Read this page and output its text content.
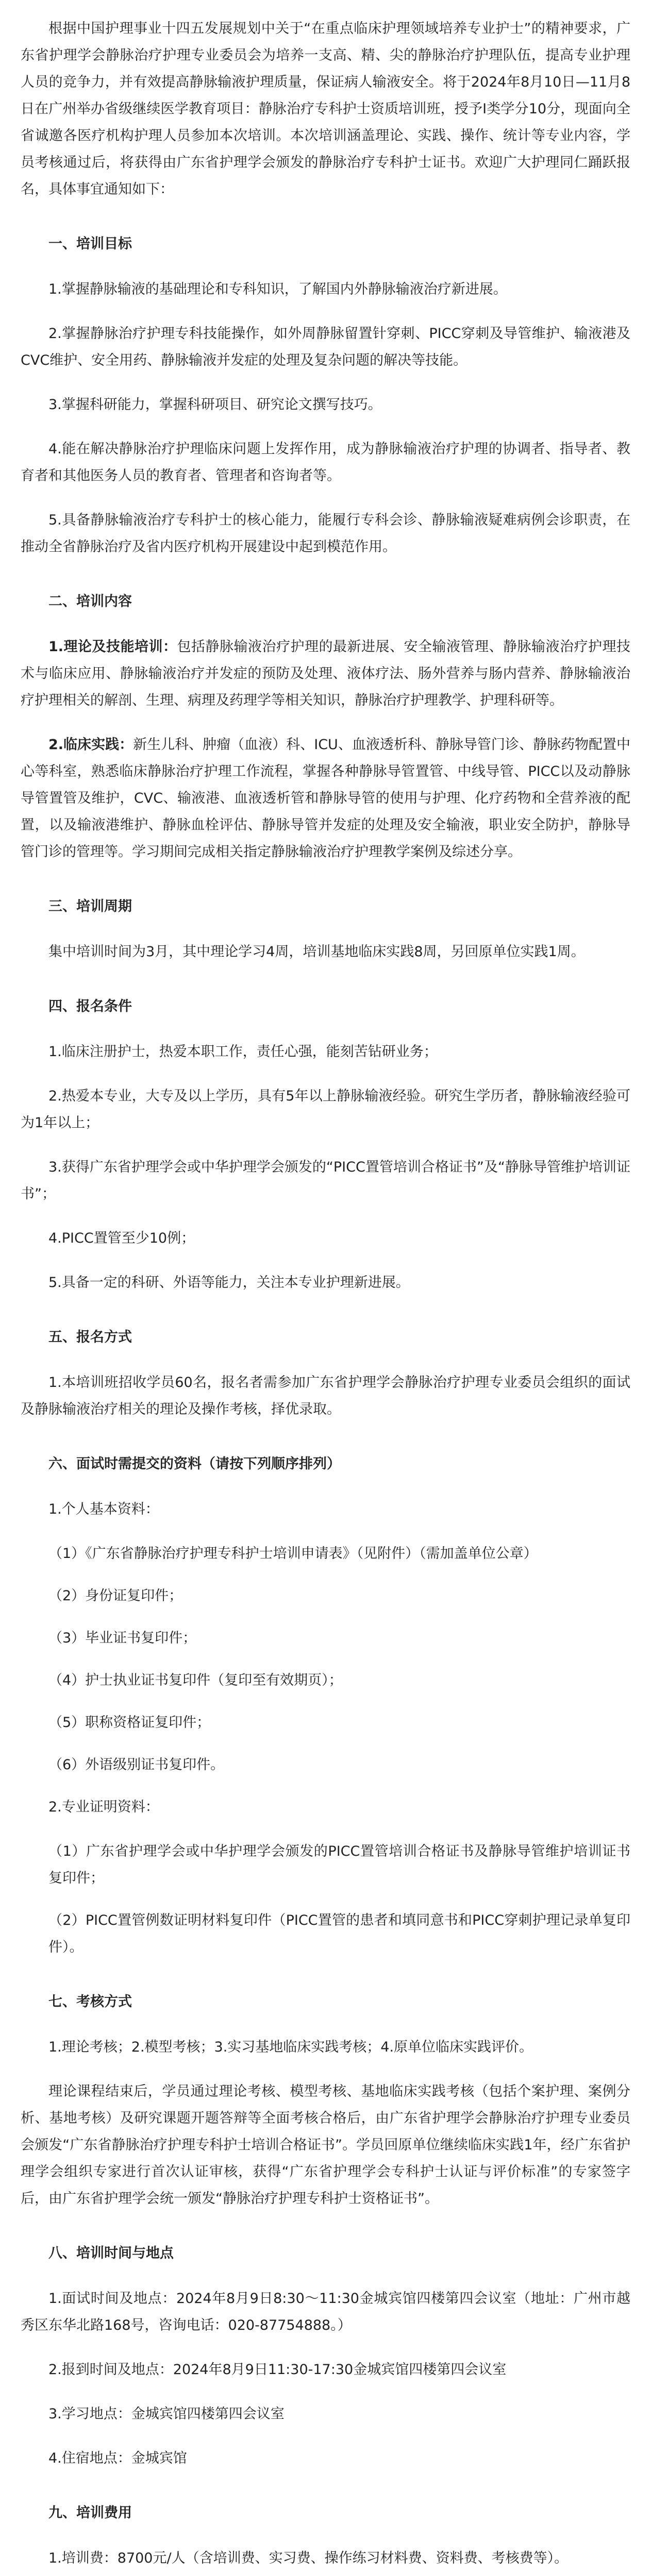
根据中国护理事业十四五发展规划中关于“在重点临床护理领域培养专业护士”的精神要求，广东省护理学会静脉治疗护理专业委员会为培养一支高、精、尖的静脉治疗护理队伍，提高专业护理人员的竞争力，并有效提高静脉输液护理质量，保证病人输液安全。将于2024年8月10日—11月8日在广州举办省级继续医学教育项目：静脉治疗专科护士资质培训班，授予I类学分10分，现面向全省诚邀各医疗机构护理人员参加本次培训。本次培训涵盖理论、实践、操作、统计等专业内容，学员考核通过后，将获得由广东省护理学会颁发的静脉治疗专科护士证书。欢迎广大护理同仁踊跃报名，具体事宜通知如下：

一、培训目标

1.掌握静脉输液的基础理论和专科知识，了解国内外静脉输液治疗新进展。

2.掌握静脉治疗护理专科技能操作，如外周静脉留置针穿刺、PICC穿刺及导管维护、输液港及CVC维护、安全用药、静脉输液并发症的处理及复杂问题的解决等技能。

3.掌握科研能力，掌握科研项目、研究论文撰写技巧。

4.能在解决静脉治疗护理临床问题上发挥作用，成为静脉输液治疗护理的协调者、指导者、教育者和其他医务人员的教育者、管理者和咨询者等。

5.具备静脉输液治疗专科护士的核心能力，能履行专科会诊、静脉输液疑难病例会诊职责，在推动全省静脉治疗及省内医疗机构开展建设中起到模范作用。

二、培训内容

1.理论及技能培训：包括静脉输液治疗护理的最新进展、安全输液管理、静脉输液治疗护理技术与临床应用、静脉输液治疗并发症的预防及处理、液体疗法、肠外营养与肠内营养、静脉输液治疗护理相关的解剖、生理、病理及药理学等相关知识，静脉治疗护理教学、护理科研等。

2.临床实践：新生儿科、肿瘤（血液）科、ICU、血液透析科、静脉导管门诊、静脉药物配置中心等科室，熟悉临床静脉治疗护理工作流程，掌握各种静脉导管置管、中线导管、PICC以及动静脉导管置管及维护，CVC、输液港、血液透析管和静脉导管的使用与护理、化疗药物和全营养液的配置，以及输液港维护、静脉血栓评估、静脉导管并发症的处理及安全输液，职业安全防护，静脉导管门诊的管理等。学习期间完成相关指定静脉输液治疗护理教学案例及综述分享。

三、培训周期

集中培训时间为3月，其中理论学习4周，培训基地临床实践8周，另回原单位实践1周。

四、报名条件

1.临床注册护士，热爱本职工作，责任心强，能刻苦钻研业务；

2.热爱本专业，大专及以上学历，具有5年以上静脉输液经验。研究生学历者，静脉输液经验可为1年以上；

3.获得广东省护理学会或中华护理学会颁发的“PICC置管培训合格证书”及“静脉导管维护培训证书”；

4.PICC置管至少10例；

5.具备一定的科研、外语等能力，关注本专业护理新进展。

五、报名方式

1.本培训班招收学员60名，报名者需参加广东省护理学会静脉治疗护理专业委员会组织的面试及静脉输液治疗相关的理论及操作考核，择优录取。

六、面试时需提交的资料（请按下列顺序排列）

1.个人基本资料：

（1）《广东省静脉治疗护理专科护士培训申请表》（见附件）（需加盖单位公章）

（2）身份证复印件；

（3）毕业证书复印件；

（4）护士执业证书复印件（复印至有效期页）；

（5）职称资格证复印件；

（6）外语级别证书复印件。

2.专业证明资料：

（1）广东省护理学会或中华护理学会颁发的PICC置管培训合格证书及静脉导管维护培训证书复印件；

（2）PICC置管例数证明材料复印件（PICC置管的患者和填同意书和PICC穿刺护理记录单复印件）。

七、考核方式

1.理论考核；2.模型考核；3.实习基地临床实践考核；4.原单位临床实践评价。

理论课程结束后，学员通过理论考核、模型考核、基地临床实践考核（包括个案护理、案例分析、基地考核）及研究课题开题答辩等全面考核合格后，由广东省护理学会静脉治疗护理专业委员会颁发“广东省静脉治疗护理专科护士培训合格证书”。学员回原单位继续临床实践1年，经广东省护理学会组织专家进行首次认证审核，获得“广东省护理学会专科护士认证与评价标准”的专家签字后，由广东省护理学会统一颁发“静脉治疗护理专科护士资格证书”。

八、培训时间与地点

1.面试时间及地点：2024年8月9日8:30～11:30金城宾馆四楼第四会议室（地址：广州市越秀区东华北路168号，咨询电话：020-87754888。）

2.报到时间及地点：2024年8月9日11:30-17:30金城宾馆四楼第四会议室

3.学习地点：金城宾馆四楼第四会议室

4.住宿地点：金城宾馆

九、培训费用

1.培训费：8700元/人（含培训费、实习费、操作练习材料费、资料费、考核费等）。
